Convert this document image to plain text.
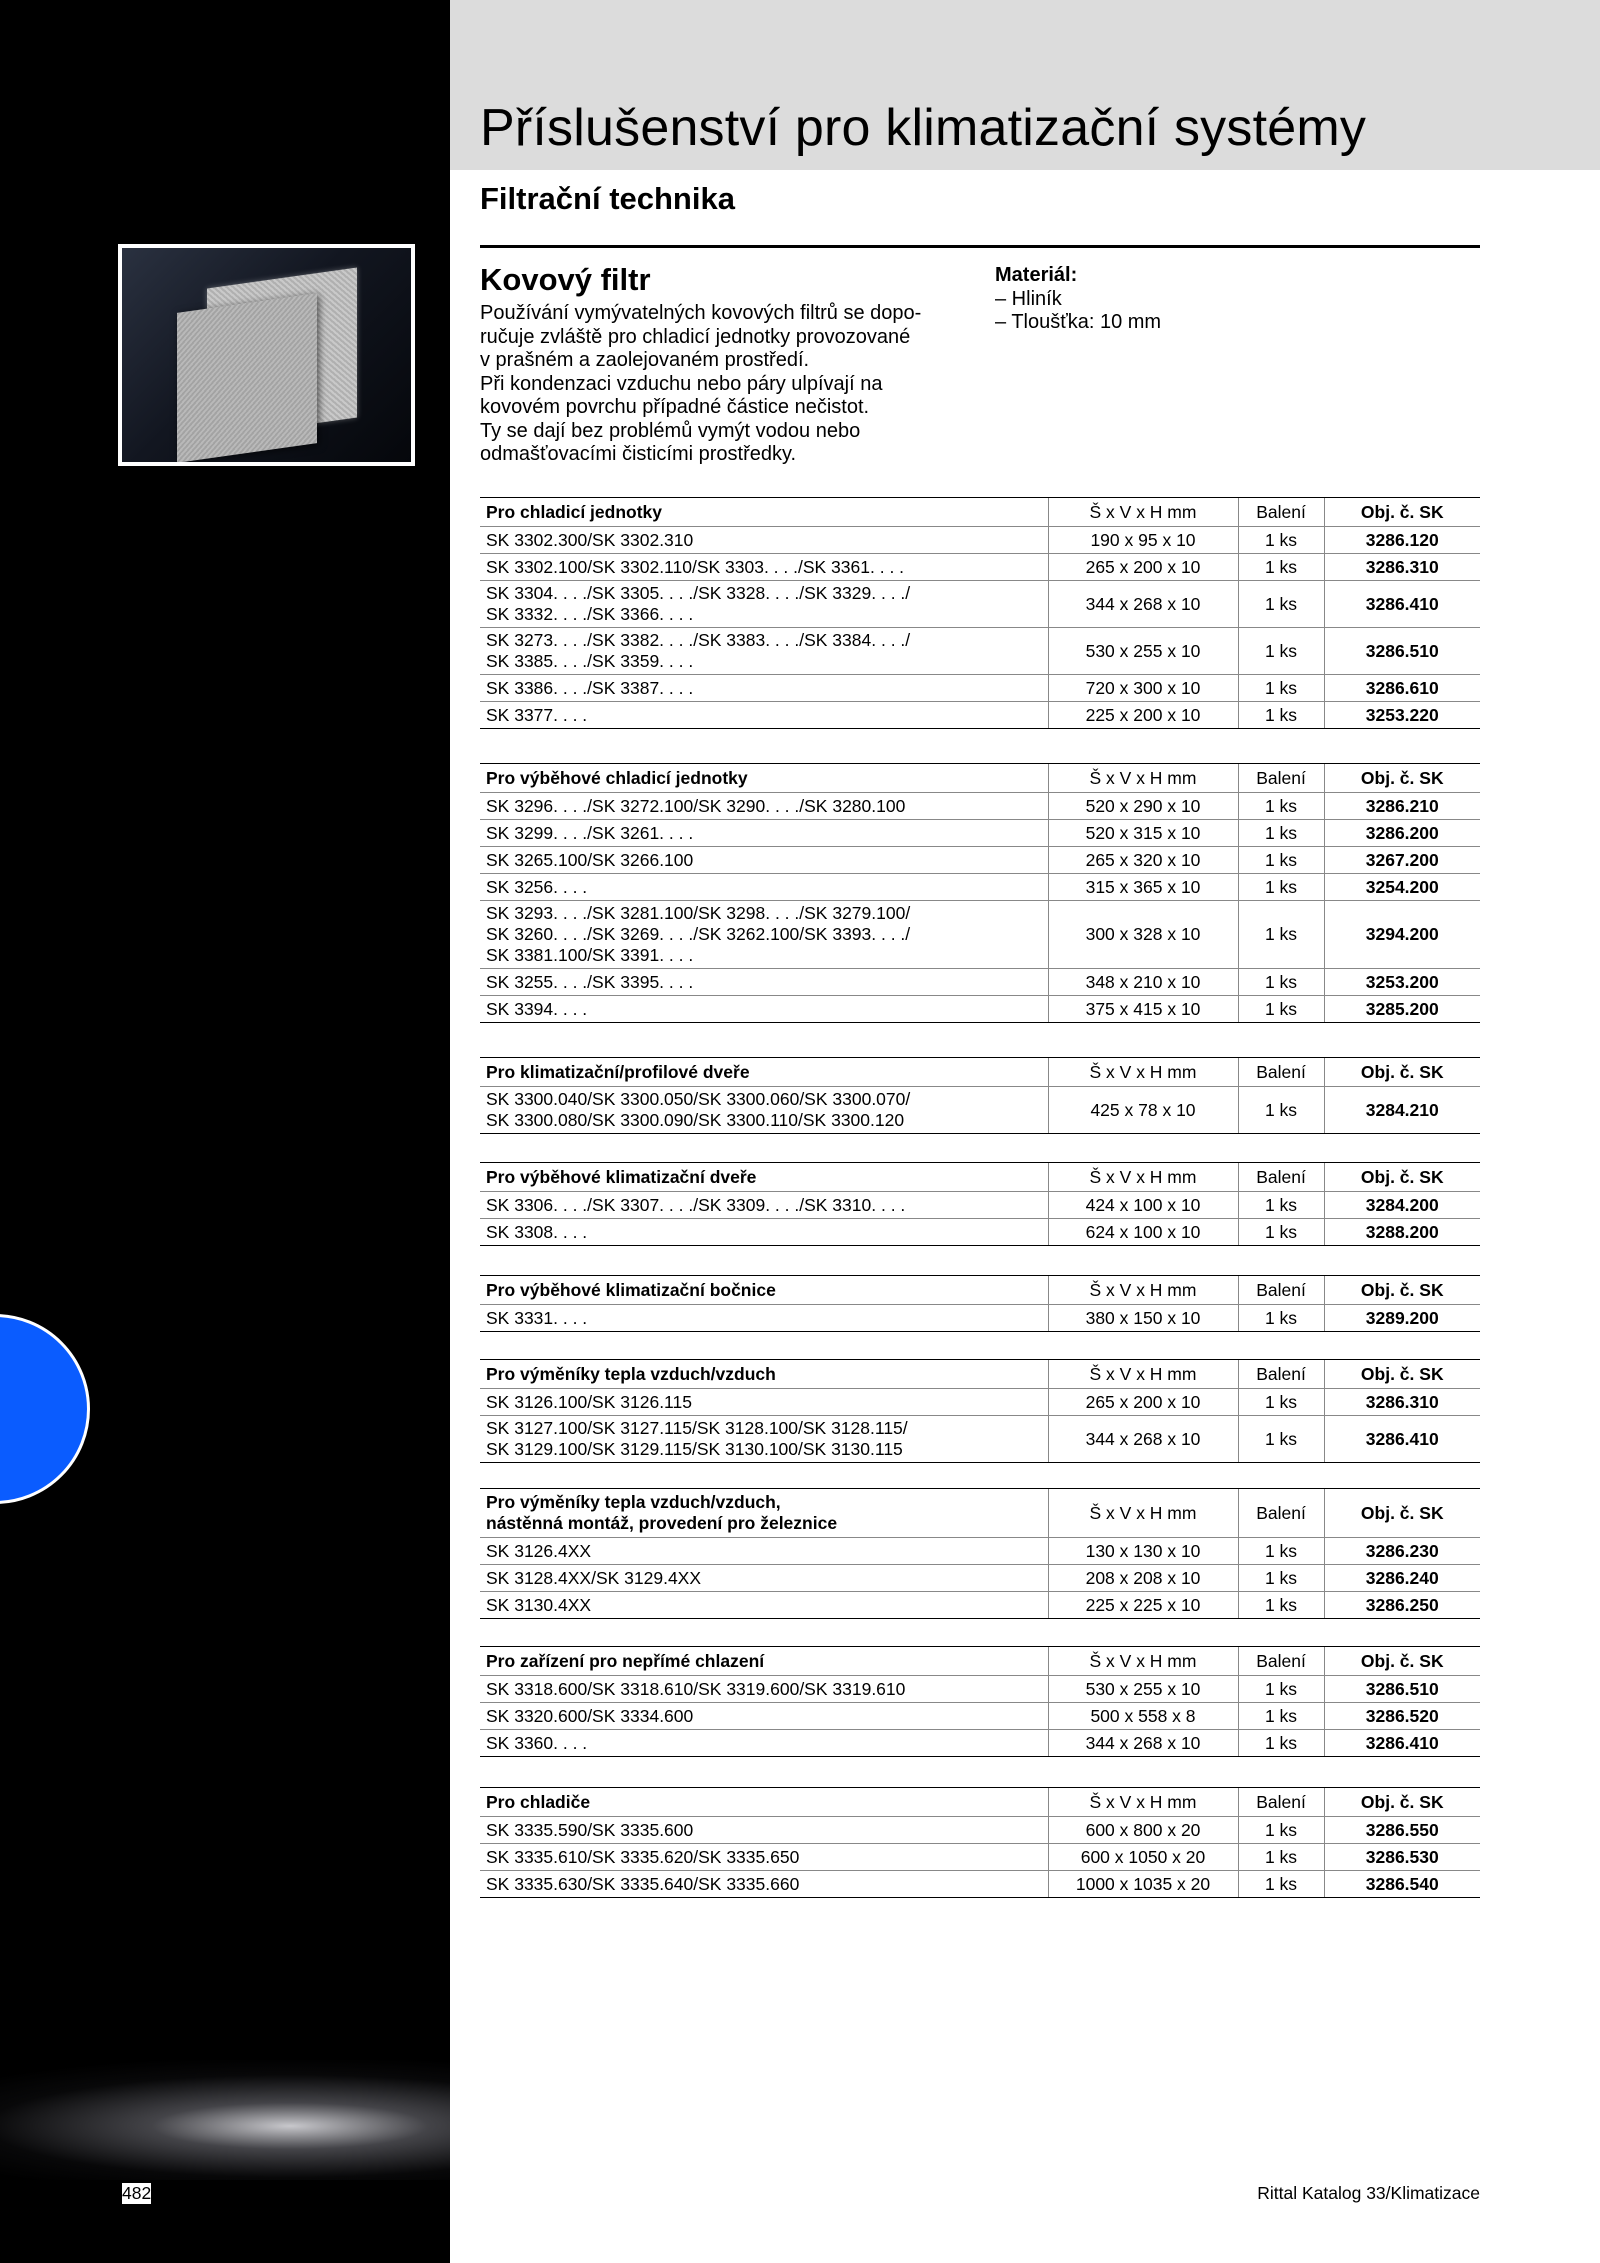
Příslušenství pro klimatizační systémy
Filtrační technika
Kovový filtr
Používání vymývatelných kovových filtrů se dopo-
ručuje zvláště pro chladicí jednotky provozované
v prašném a zaolejovaném prostředí.
Při kondenzaci vzduchu nebo páry ulpívají na
kovovém povrchu případné částice nečistot.
Ty se dají bez problémů vymýt vodou nebo
odmašťovacími čisticími prostředky.
Materiál:
– Hliník
– Tloušťka: 10 mm
Pro chladicí jednotky	Š x V x H mm	Balení	Obj. č. SK

SK 3302.300/SK 3302.310	190 x 95 x 10	1 ks	3286.120

SK 3302.100/SK 3302.110/SK 3303. . . ./SK 3361. . . .	265 x 200 x 10	1 ks	3286.310

SK 3304. . . ./SK 3305. . . ./SK 3328. . . ./SK 3329. . . ./
SK 3332. . . ./SK 3366. . . .	344 x 268 x 10	1 ks	3286.410

SK 3273. . . ./SK 3382. . . ./SK 3383. . . ./SK 3384. . . ./
SK 3385. . . ./SK 3359. . . .	530 x 255 x 10	1 ks	3286.510

SK 3386. . . ./SK 3387. . . .	720 x 300 x 10	1 ks	3286.610

SK 3377. . . .	225 x 200 x 10	1 ks	3253.220
Pro výběhové chladicí jednotky	Š x V x H mm	Balení	Obj. č. SK

SK 3296. . . ./SK 3272.100/SK 3290. . . ./SK 3280.100	520 x 290 x 10	1 ks	3286.210

SK 3299. . . ./SK 3261. . . .	520 x 315 x 10	1 ks	3286.200

SK 3265.100/SK 3266.100	265 x 320 x 10	1 ks	3267.200

SK 3256. . . .	315 x 365 x 10	1 ks	3254.200

SK 3293. . . ./SK 3281.100/SK 3298. . . ./SK 3279.100/
SK 3260. . . ./SK 3269. . . ./SK 3262.100/SK 3393. . . ./
SK 3381.100/SK 3391. . . .	300 x 328 x 10	1 ks	3294.200

SK 3255. . . ./SK 3395. . . .	348 x 210 x 10	1 ks	3253.200

SK 3394. . . .	375 x 415 x 10	1 ks	3285.200
Pro klimatizační/profilové dveře	Š x V x H mm	Balení	Obj. č. SK

SK 3300.040/SK 3300.050/SK 3300.060/SK 3300.070/
SK 3300.080/SK 3300.090/SK 3300.110/SK 3300.120	425 x 78 x 10	1 ks	3284.210
Pro výběhové klimatizační dveře	Š x V x H mm	Balení	Obj. č. SK

SK 3306. . . ./SK 3307. . . ./SK 3309. . . ./SK 3310. . . .	424 x 100 x 10	1 ks	3284.200

SK 3308. . . .	624 x 100 x 10	1 ks	3288.200
Pro výběhové klimatizační bočnice	Š x V x H mm	Balení	Obj. č. SK

SK 3331. . . .	380 x 150 x 10	1 ks	3289.200
Pro výměníky tepla vzduch/vzduch	Š x V x H mm	Balení	Obj. č. SK

SK 3126.100/SK 3126.115	265 x 200 x 10	1 ks	3286.310

SK 3127.100/SK 3127.115/SK 3128.100/SK 3128.115/
SK 3129.100/SK 3129.115/SK 3130.100/SK 3130.115	344 x 268 x 10	1 ks	3286.410
Pro výměníky tepla vzduch/vzduch,
nástěnná montáž, provedení pro železnice	Š x V x H mm	Balení	Obj. č. SK

SK 3126.4XX	130 x 130 x 10	1 ks	3286.230

SK 3128.4XX/SK 3129.4XX	208 x 208 x 10	1 ks	3286.240

SK 3130.4XX	225 x 225 x 10	1 ks	3286.250
Pro zařízení pro nepřímé chlazení	Š x V x H mm	Balení	Obj. č. SK

SK 3318.600/SK 3318.610/SK 3319.600/SK 3319.610	530 x 255 x 10	1 ks	3286.510

SK 3320.600/SK 3334.600	500 x 558 x 8	1 ks	3286.520

SK 3360. . . .	344 x 268 x 10	1 ks	3286.410
Pro chladiče	Š x V x H mm	Balení	Obj. č. SK

SK 3335.590/SK 3335.600	600 x 800 x 20	1 ks	3286.550

SK 3335.610/SK 3335.620/SK 3335.650	600 x 1050 x 20	1 ks	3286.530

SK 3335.630/SK 3335.640/SK 3335.660	1000 x 1035 x 20	1 ks	3286.540
482	Rittal Katalog 33/Klimatizace
